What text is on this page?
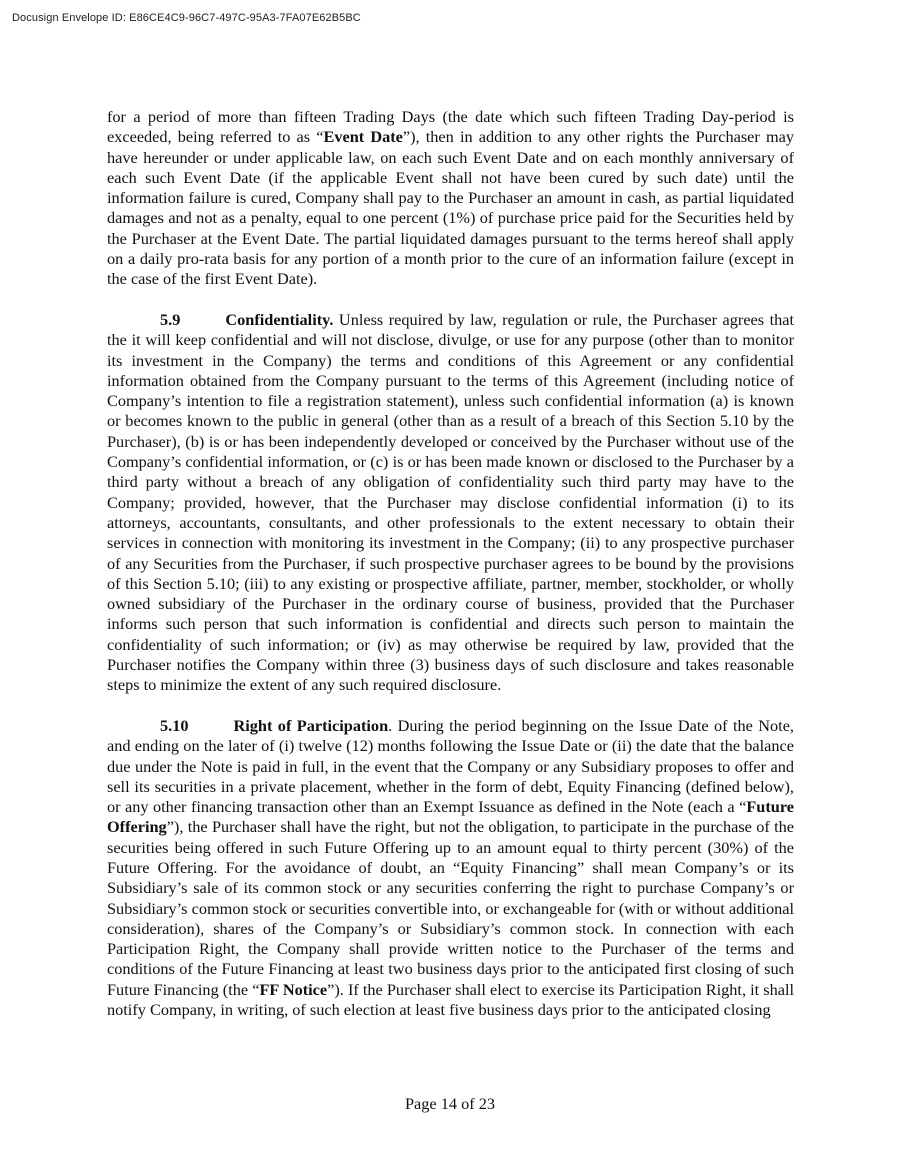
Docusign Envelope ID: E86CE4C9-96C7-497C-95A3-7FA07E62B5BC

for a period of more than fifteen Trading Days (the date which such fifteen Trading Day-period is exceeded, being referred to as “Event Date”), then in addition to any other rights the Purchaser may have hereunder or under applicable law, on each such Event Date and on each monthly anniversary of each such Event Date (if the applicable Event shall not have been cured by such date) until the information failure is cured, Company shall pay to the Purchaser an amount in cash, as partial liquidated damages and not as a penalty, equal to one percent (1%) of purchase price paid for the Securities held by the Purchaser at the Event Date. The partial liquidated damages pursuant to the terms hereof shall apply on a daily pro-rata basis for any portion of a month prior to the cure of an information failure (except in the case of the first Event Date).

5.9	Confidentiality. Unless required by law, regulation or rule, the Purchaser agrees that the it will keep confidential and will not disclose, divulge, or use for any purpose (other than to monitor its investment in the Company) the terms and conditions of this Agreement or any confidential information obtained from the Company pursuant to the terms of this Agreement (including notice of Company’s intention to file a registration statement), unless such confidential information (a) is known or becomes known to the public in general (other than as a result of a breach of this Section 5.10 by the Purchaser), (b) is or has been independently developed or conceived by the Purchaser without use of the Company’s confidential information, or (c) is or has been made known or disclosed to the Purchaser by a third party without a breach of any obligation of confidentiality such third party may have to the Company; provided, however, that the Purchaser may disclose confidential information (i) to its attorneys, accountants, consultants, and other professionals to the extent necessary to obtain their services in connection with monitoring its investment in the Company; (ii) to any prospective purchaser of any Securities from the Purchaser, if such prospective purchaser agrees to be bound by the provisions of this Section 5.10; (iii) to any existing or prospective affiliate, partner, member, stockholder, or wholly owned subsidiary of the Purchaser in the ordinary course of business, provided that the Purchaser informs such person that such information is confidential and directs such person to maintain the confidentiality of such information; or (iv) as may otherwise be required by law, provided that the Purchaser notifies the Company within three (3) business days of such disclosure and takes reasonable steps to minimize the extent of any such required disclosure.

5.10	Right of Participation. During the period beginning on the Issue Date of the Note, and ending on the later of (i) twelve (12) months following the Issue Date or (ii) the date that the balance due under the Note is paid in full, in the event that the Company or any Subsidiary proposes to offer and sell its securities in a private placement, whether in the form of debt, Equity Financing (defined below), or any other financing transaction other than an Exempt Issuance as defined in the Note (each a “Future Offering”), the Purchaser shall have the right, but not the obligation, to participate in the purchase of the securities being offered in such Future Offering up to an amount equal to thirty percent (30%) of the Future Offering. For the avoidance of doubt, an “Equity Financing” shall mean Company’s or its Subsidiary’s sale of its common stock or any securities conferring the right to purchase Company’s or Subsidiary’s common stock or securities convertible into, or exchangeable for (with or without additional consideration), shares of the Company’s or Subsidiary’s common stock. In connection with each Participation Right, the Company shall provide written notice to the Purchaser of the terms and conditions of the Future Financing at least two business days prior to the anticipated first closing of such Future Financing (the “FF Notice”). If the Purchaser shall elect to exercise its Participation Right, it shall notify Company, in writing, of such election at least five business days prior to the anticipated closing

Page 14 of 23
